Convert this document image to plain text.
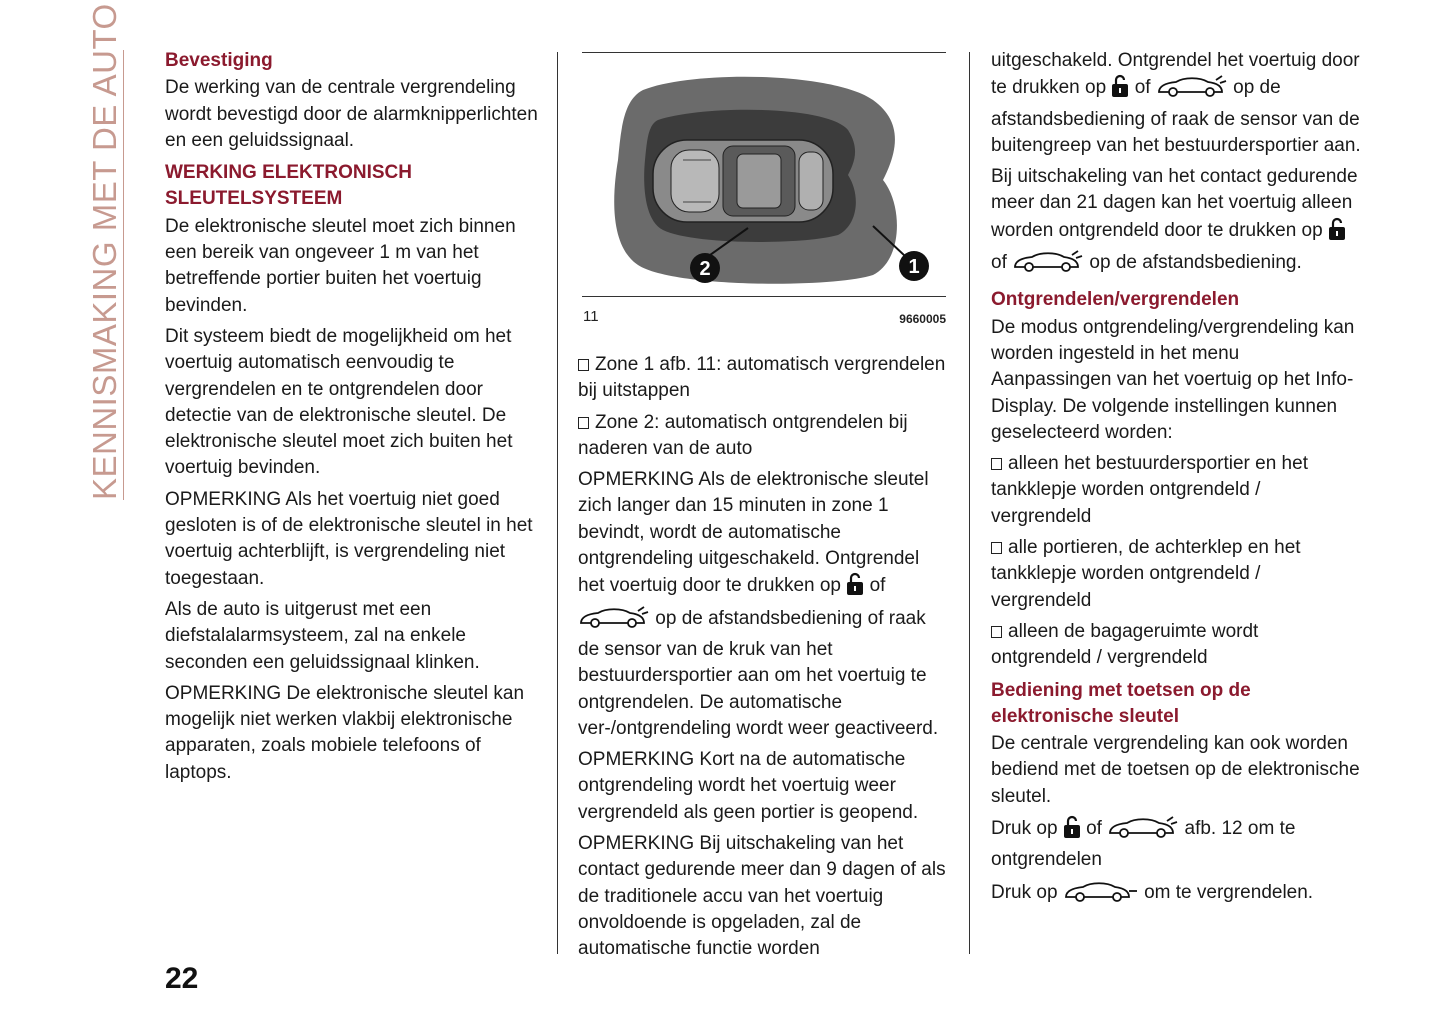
KENNISMAKING MET DE AUTO Bevestiging

De werking van de centrale vergrendeling wordt bevestigd door de alarmknipperlichten en een geluidssignaal.

WERKING ELEKTRONISCH SLEUTELSYSTEEM

De elektronische sleutel moet zich binnen een bereik van ongeveer 1 m van het betreffende portier buiten het voertuig bevinden.

Dit systeem biedt de mogelijkheid om het voertuig automatisch eenvoudig te vergrendelen en te ontgrendelen door detectie van de elektronische sleutel. De elektronische sleutel moet zich buiten het voertuig bevinden.

OPMERKING Als het voertuig niet goed gesloten is of de elektronische sleutel in het voertuig achterblijft, is vergrendeling niet toegestaan.

Als de auto is uitgerust met een diefstalalarmsysteem, zal na enkele seconden een geluidssignaal klinken.

OPMERKING De elektronische sleutel kan mogelijk niet werken vlakbij elektronische apparaten, zoals mobiele telefoons of laptops.

2	1
11	9660005

Zone 1 afb. 11: automatisch vergrendelen bij uitstappen

Zone 2: automatisch ontgrendelen bij naderen van de auto

OPMERKING Als de elektronische sleutel zich langer dan 15 minuten in zone 1 bevindt, wordt de automatische ontgrendeling uitgeschakeld. Ontgrendel het voertuig door te drukken op of  op de afstandsbediening of raak de sensor van de kruk van het bestuurdersportier aan om het voertuig te ontgrendelen. De automatische ver-/ontgrendeling wordt weer geactiveerd.

OPMERKING Kort na de automatische ontgrendeling wordt het voertuig weer vergrendeld als geen portier is geopend.

OPMERKING Bij uitschakeling van het contact gedurende meer dan 9 dagen of als de traditionele accu van het voertuig onvoldoende is opgeladen, zal de automatische functie worden

uitgeschakeld. Ontgrendel het voertuig door te drukken op of	op de afstandsbediening of raak de sensor van de buitengreep van het bestuurdersportier aan.

Bij uitschakeling van het contact gedurende meer dan 21 dagen kan het voertuig alleen worden ontgrendeld door te drukken op  of	op de afstandsbediening.

Ontgrendelen/vergrendelen

De modus ontgrendeling/vergrendeling kan worden ingesteld in het menu Aanpassingen van het voertuig op het Info-Display. De volgende instellingen kunnen geselecteerd worden:

alleen het bestuurdersportier en het tankklepje worden ontgrendeld / vergrendeld

alle portieren, de achterklep en het tankklepje worden ontgrendeld / vergrendeld

alleen de bagageruimte wordt ontgrendeld / vergrendeld

Bediening met toetsen op de elektronische sleutel

De centrale vergrendeling kan ook worden bediend met de toetsen op de elektronische sleutel.

Druk op of	afb. 12 om te ontgrendelen

Druk op	om te vergrendelen.

22
